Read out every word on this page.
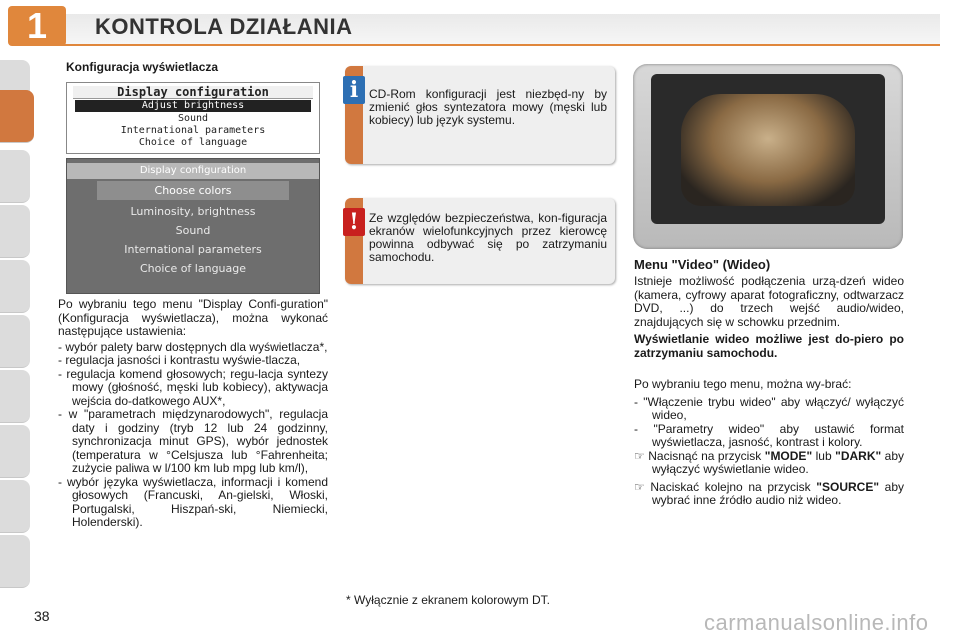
1	KONTROLA DZIAŁANIA
Konfiguracja wyświetlacza
Display configuration
Adjust brightness
Sound
International parameters
Choice of language
Display configuration
Choose colors
Luminosity, brightness
Sound
International parameters
Choice of language
Po wybraniu tego menu "Display Confi-guration" (Konfiguracja wyświetlacza), można wykonać następujące ustawienia:
- wybór palety barw dostępnych dla wyświetlacza*,
- regulacja jasności i kontrastu wyświe-tlacza,
- regulacja komend głosowych; regu-lacja syntezy mowy (głośność, męski lub kobiecy), aktywacja wejścia do-datkowego AUX*,
- w "parametrach międzynarodowych", regulacja daty i godziny (tryb 12 lub 24 godzinny, synchronizacja minut GPS), wybór jednostek (temperatura w °Celsjusza lub °Fahrenheita; zużycie paliwa w l/100 km lub mpg lub km/l),
- wybór języka wyświetlacza, informacji i komend głosowych (Francuski, An-gielski, Włoski, Portugalski, Hiszpań-ski, Niemiecki, Holenderski).
i CD-Rom konfiguracji jest niezbęd-ny by zmienić głos syntezatora mowy (męski lub kobiecy) lub język systemu.
! Ze względów bezpieczeństwa, kon-figuracja ekranów wielofunkcyjnych przez kierowcę powinna odbywać się po zatrzymaniu samochodu.	Menu "Video" (Wideo)

Istnieje możliwość podłączenia urzą-dzeń wideo (kamera, cyfrowy aparat fotograficzny, odtwarzacz DVD, ...) do trzech wejść audio/wideo, znajdujących się w schowku przednim.

Wyświetlanie wideo możliwe jest do-piero po zatrzymaniu samochodu.

Po wybraniu tego menu, można wy-brać:

- "Włączenie trybu wideo" aby włączyć/ wyłączyć wideo,
- "Parametry wideo" aby ustawić format wyświetlacza, jasność, kontrast i kolory.
☞ Nacisnąć na przycisk "MODE" lub "DARK" aby wyłączyć wyświetlanie wideo.
☞ Naciskać kolejno na przycisk "SOURCE" aby wybrać inne źródło audio niż wideo.
* Wyłącznie z ekranem kolorowym DT.
38	carmanualsonline.info
